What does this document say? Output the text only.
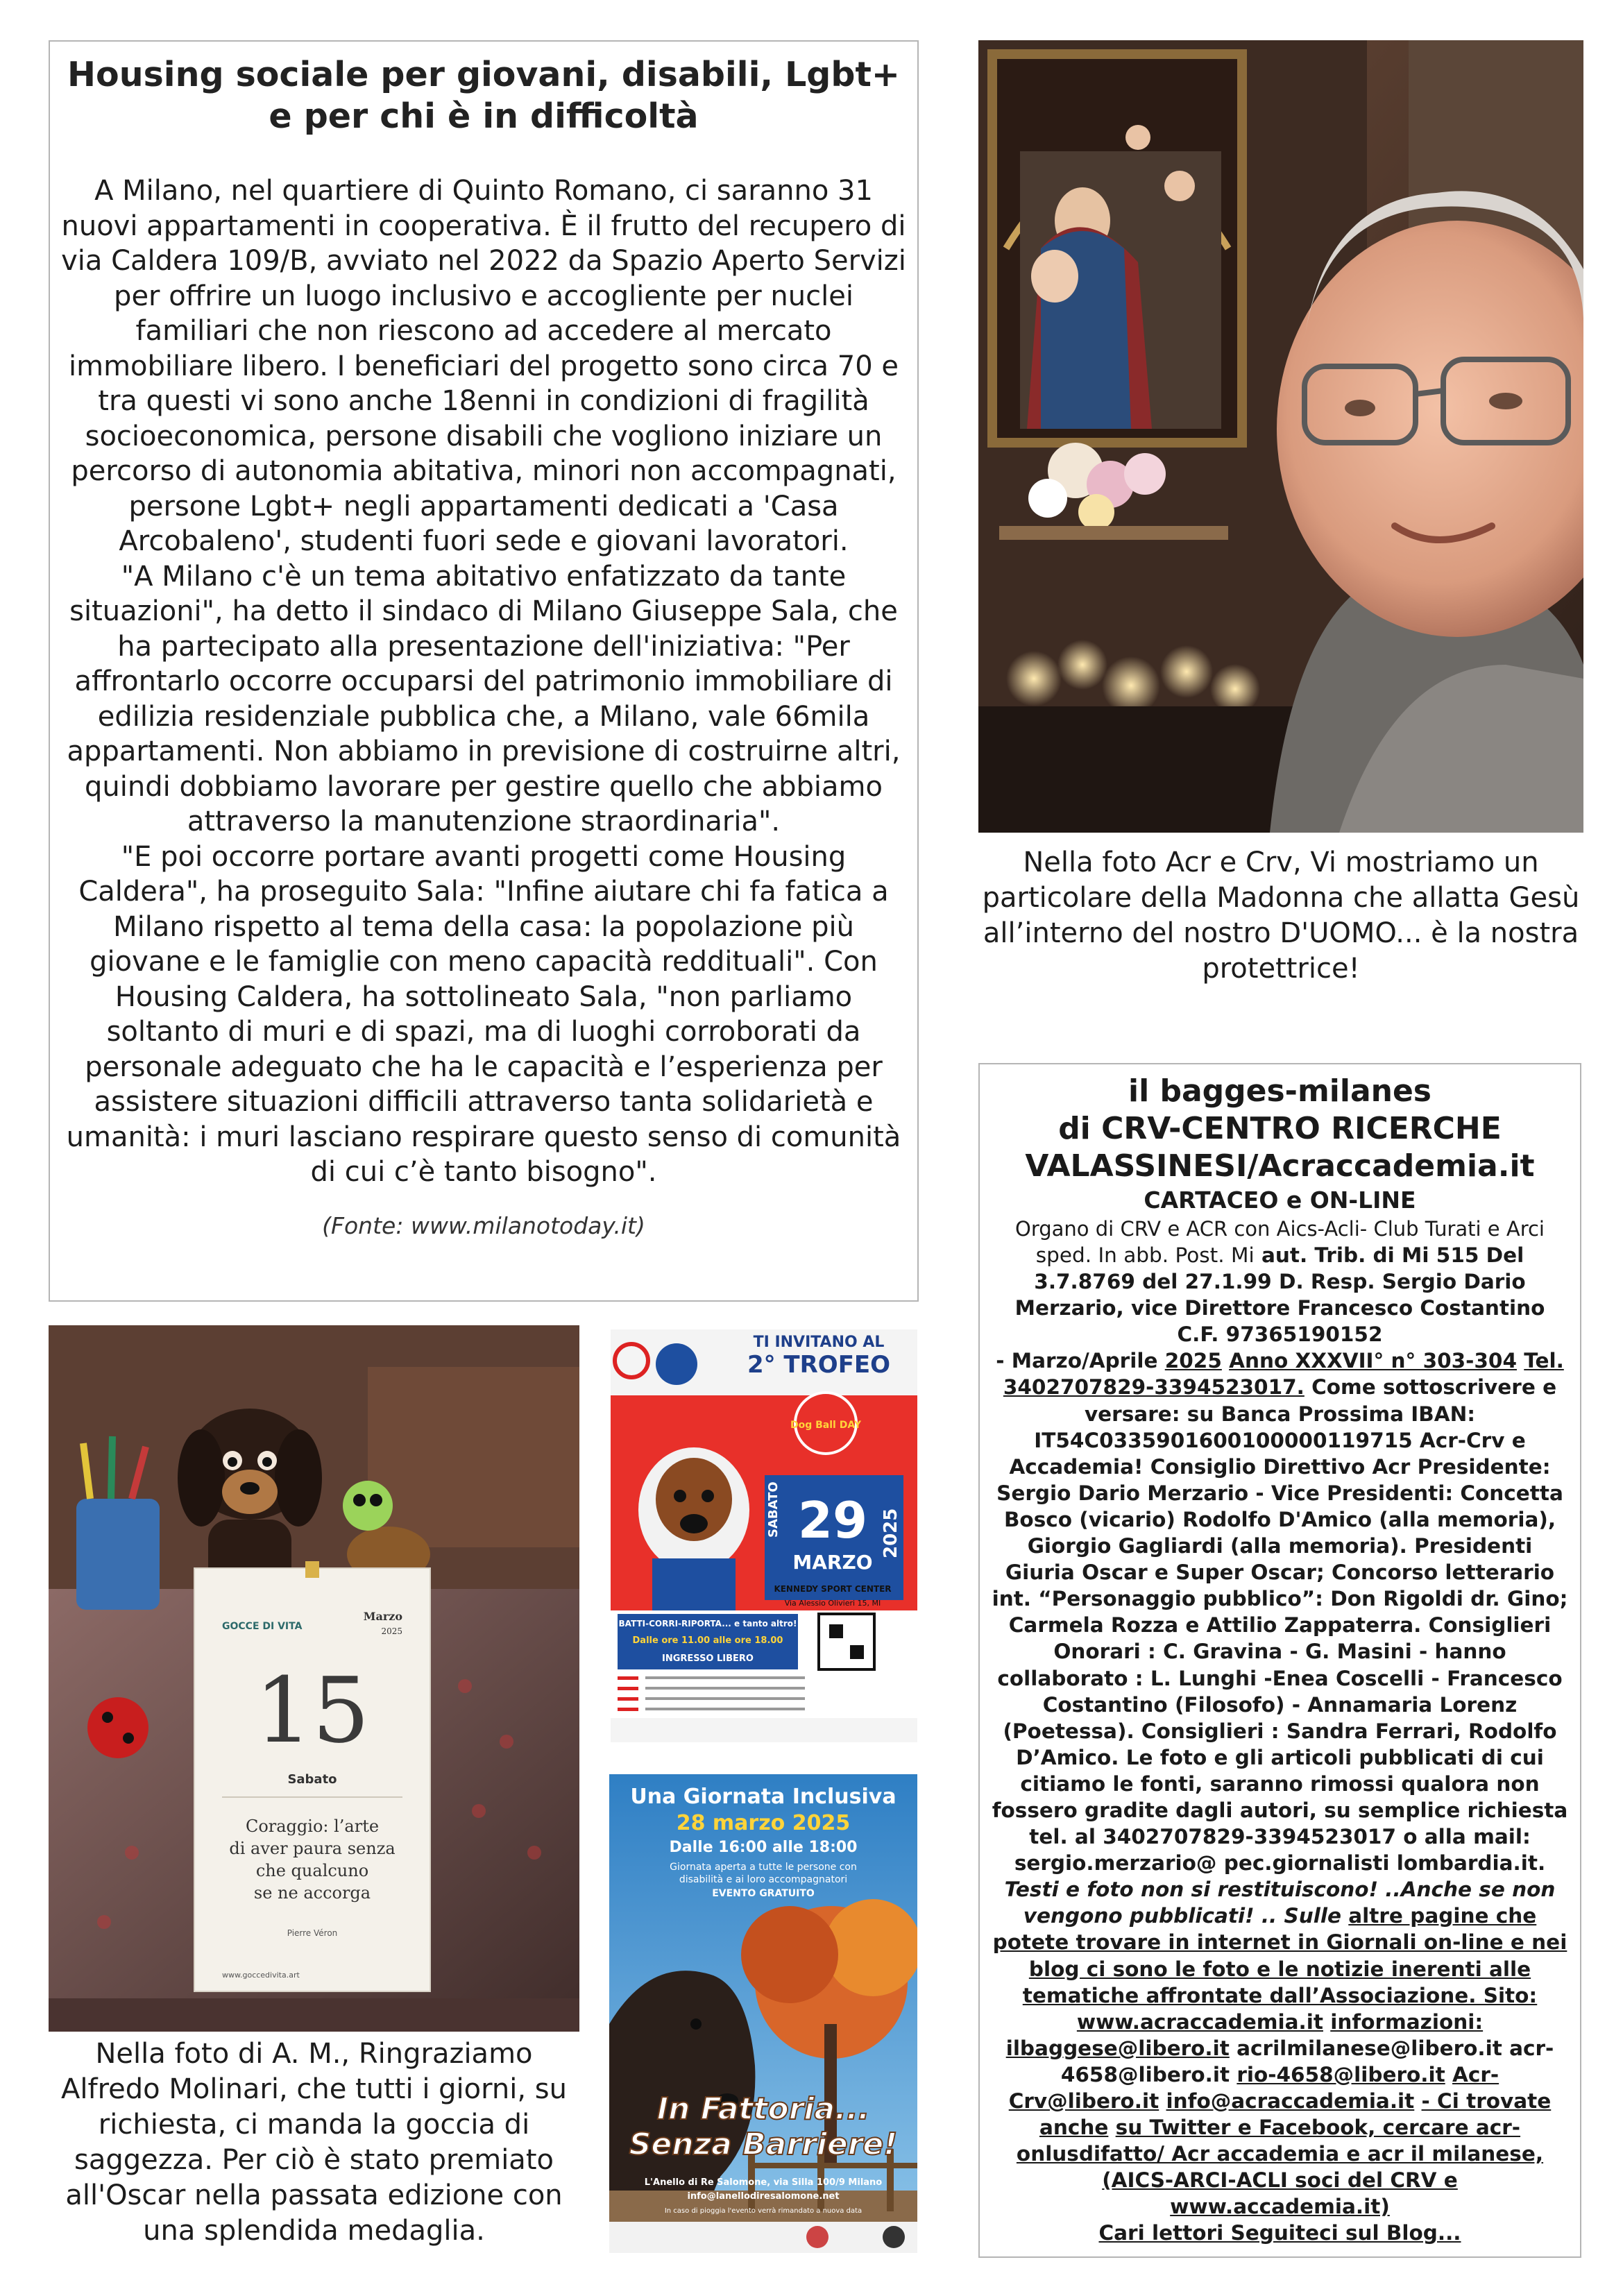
Housing sociale per giovani, disabili, Lgbt+
e per chi è in difficoltà

A Milano, nel quartiere di Quinto Romano, ci saranno 31 nuovi appartamenti in cooperativa. È il frutto del recupero di via Caldera 109/B, avviato nel 2022 da Spazio Aperto Servizi per offrire un luogo inclusivo e accogliente per nuclei familiari che non riescono ad accedere al mercato immobiliare libero. I beneficiari del progetto sono circa 70 e tra questi vi sono anche 18enni in condizioni di fragilità socioeconomica, persone disabili che vogliono iniziare un percorso di autonomia abitativa, minori non accompagnati, persone Lgbt+ negli appartamenti dedicati a 'Casa Arcobaleno', studenti fuori sede e giovani lavoratori.

"A Milano c'è un tema abitativo enfatizzato da tante situazioni", ha detto il sindaco di Milano Giuseppe Sala, che ha partecipato alla presentazione dell'iniziativa: "Per affrontarlo occorre occuparsi del patrimonio immobiliare di edilizia residenziale pubblica che, a Milano, vale 66mila appartamenti. Non abbiamo in previsione di costruirne altri, quindi dobbiamo lavorare per gestire quello che abbiamo attraverso la manutenzione straordinaria".

"E poi occorre portare avanti progetti come Housing Caldera", ha proseguito Sala: "Infine aiutare chi fa fatica a Milano rispetto al tema della casa: la popolazione più giovane e le famiglie con meno capacità reddituali". Con Housing Caldera, ha sottolineato Sala, "non parliamo soltanto di muri e di spazi, ma di luoghi corroborati da personale adeguato che ha le capacità e l’esperienza per assistere situazioni difficili attraverso tanta solidarietà e umanità: i muri lasciano respirare questo senso di comunità di cui c’è tanto bisogno".

(Fonte: www.milanotoday.it)
Nella foto Acr e Crv, Vi mostriamo un particolare della Madonna che allatta Gesù all’interno del nostro D'UOMO... è la nostra protettrice!
il bagges-milanes
di CRV-CENTRO RICERCHE
VALASSINESI/Acraccademia.it
CARTACEO e ON-LINE
Organo di CRV e ACR con Aics-Acli- Club Turati e Arci
sped. In abb. Post. Mi aut. Trib. di Mi 515 Del 3.7.8769 del 27.1.99 D. Resp. Sergio Dario Merzario, vice Direttore Francesco Costantino C.F. 97365190152
- Marzo/Aprile 2025 Anno XXXVII° n° 303-304 Tel. 3402707829-3394523017. Come sottoscrivere e versare: su Banca Prossima IBAN: IT54C0335901600100000119715 Acr-Crv e Accademia! Consiglio Direttivo Acr Presidente: Sergio Dario Merzario - Vice Presidenti: Concetta Bosco (vicario) Rodolfo D'Amico (alla memoria), Giorgio Gagliardi (alla memoria). Presidenti Giuria Oscar e Super Oscar; Concorso letterario int. “Personaggio pubblico”: Don Rigoldi dr. Gino; Carmela Rozza e Attilio Zappaterra. Consiglieri Onorari : C. Gravina - G. Masini - hanno collaborato : L. Lunghi -Enea Coscelli - Francesco Costantino (Filosofo) - Annamaria Lorenz (Poetessa). Consiglieri : Sandra Ferrari, Rodolfo D’Amico. Le foto e gli articoli pubblicati di cui citiamo le fonti, saranno rimossi qualora non fossero gradite dagli autori, su semplice richiesta tel. al 3402707829-3394523017 o alla mail: sergio.merzario@ pec.giornalisti lombardia.it. Testi e foto non si restituiscono! ..Anche se non vengono pubblicati! .. Sulle altre pagine che potete trovare in internet in Giornali on-line e nei blog ci sono le foto e le notizie inerenti alle tematiche affrontate dall’Associazione. Sito: www.acraccademia.it informazioni: ilbaggese@libero.it acrilmilanese@libero.it acr-4658@libero.it rio-4658@libero.it Acr-Crv@libero.it info@acraccademia.it - Ci trovate anche su Twitter e Facebook, cercare acr-onlusdifatto/ Acr accademia e acr il milanese, (AICS-ARCI-ACLI soci del CRV e www.accademia.it)
Cari lettori Seguiteci sul Blog...
GOCCE DI VITA
Marzo
2025
15
Sabato
Coraggio: l’arte
di aver paura senza
che qualcuno
se ne accorga
Pierre Véron
www.goccedivita.art
Nella foto di A. M., Ringraziamo Alfredo Molinari, che tutti i giorni, su richiesta, ci manda la goccia di saggezza. Per ciò è stato premiato all'Oscar nella passata edizione con una splendida medaglia.
TI INVITANO AL
2° TROFEO
Dog Ball DAY
SABATO 29
MARZO
2025
KENNEDY SPORT CENTER
Via Alessio Olivieri 15, MI
BATTI-CORRI-RIPORTA... e tanto altro!
Dalle ore 11.00 alle ore 18.00
INGRESSO LIBERO
Una Giornata Inclusiva
28 marzo 2025
Dalle 16:00 alle 18:00
Giornata aperta a tutte le persone con
disabilità e ai loro accompagnatori
EVENTO GRATUITO
In Fattoria...
Senza Barriere!
L'Anello di Re Salomone, via Silla 100/9 Milano
info@lanellodiresalomone.net
In caso di pioggia l'evento verrà rimandato a nuova data
